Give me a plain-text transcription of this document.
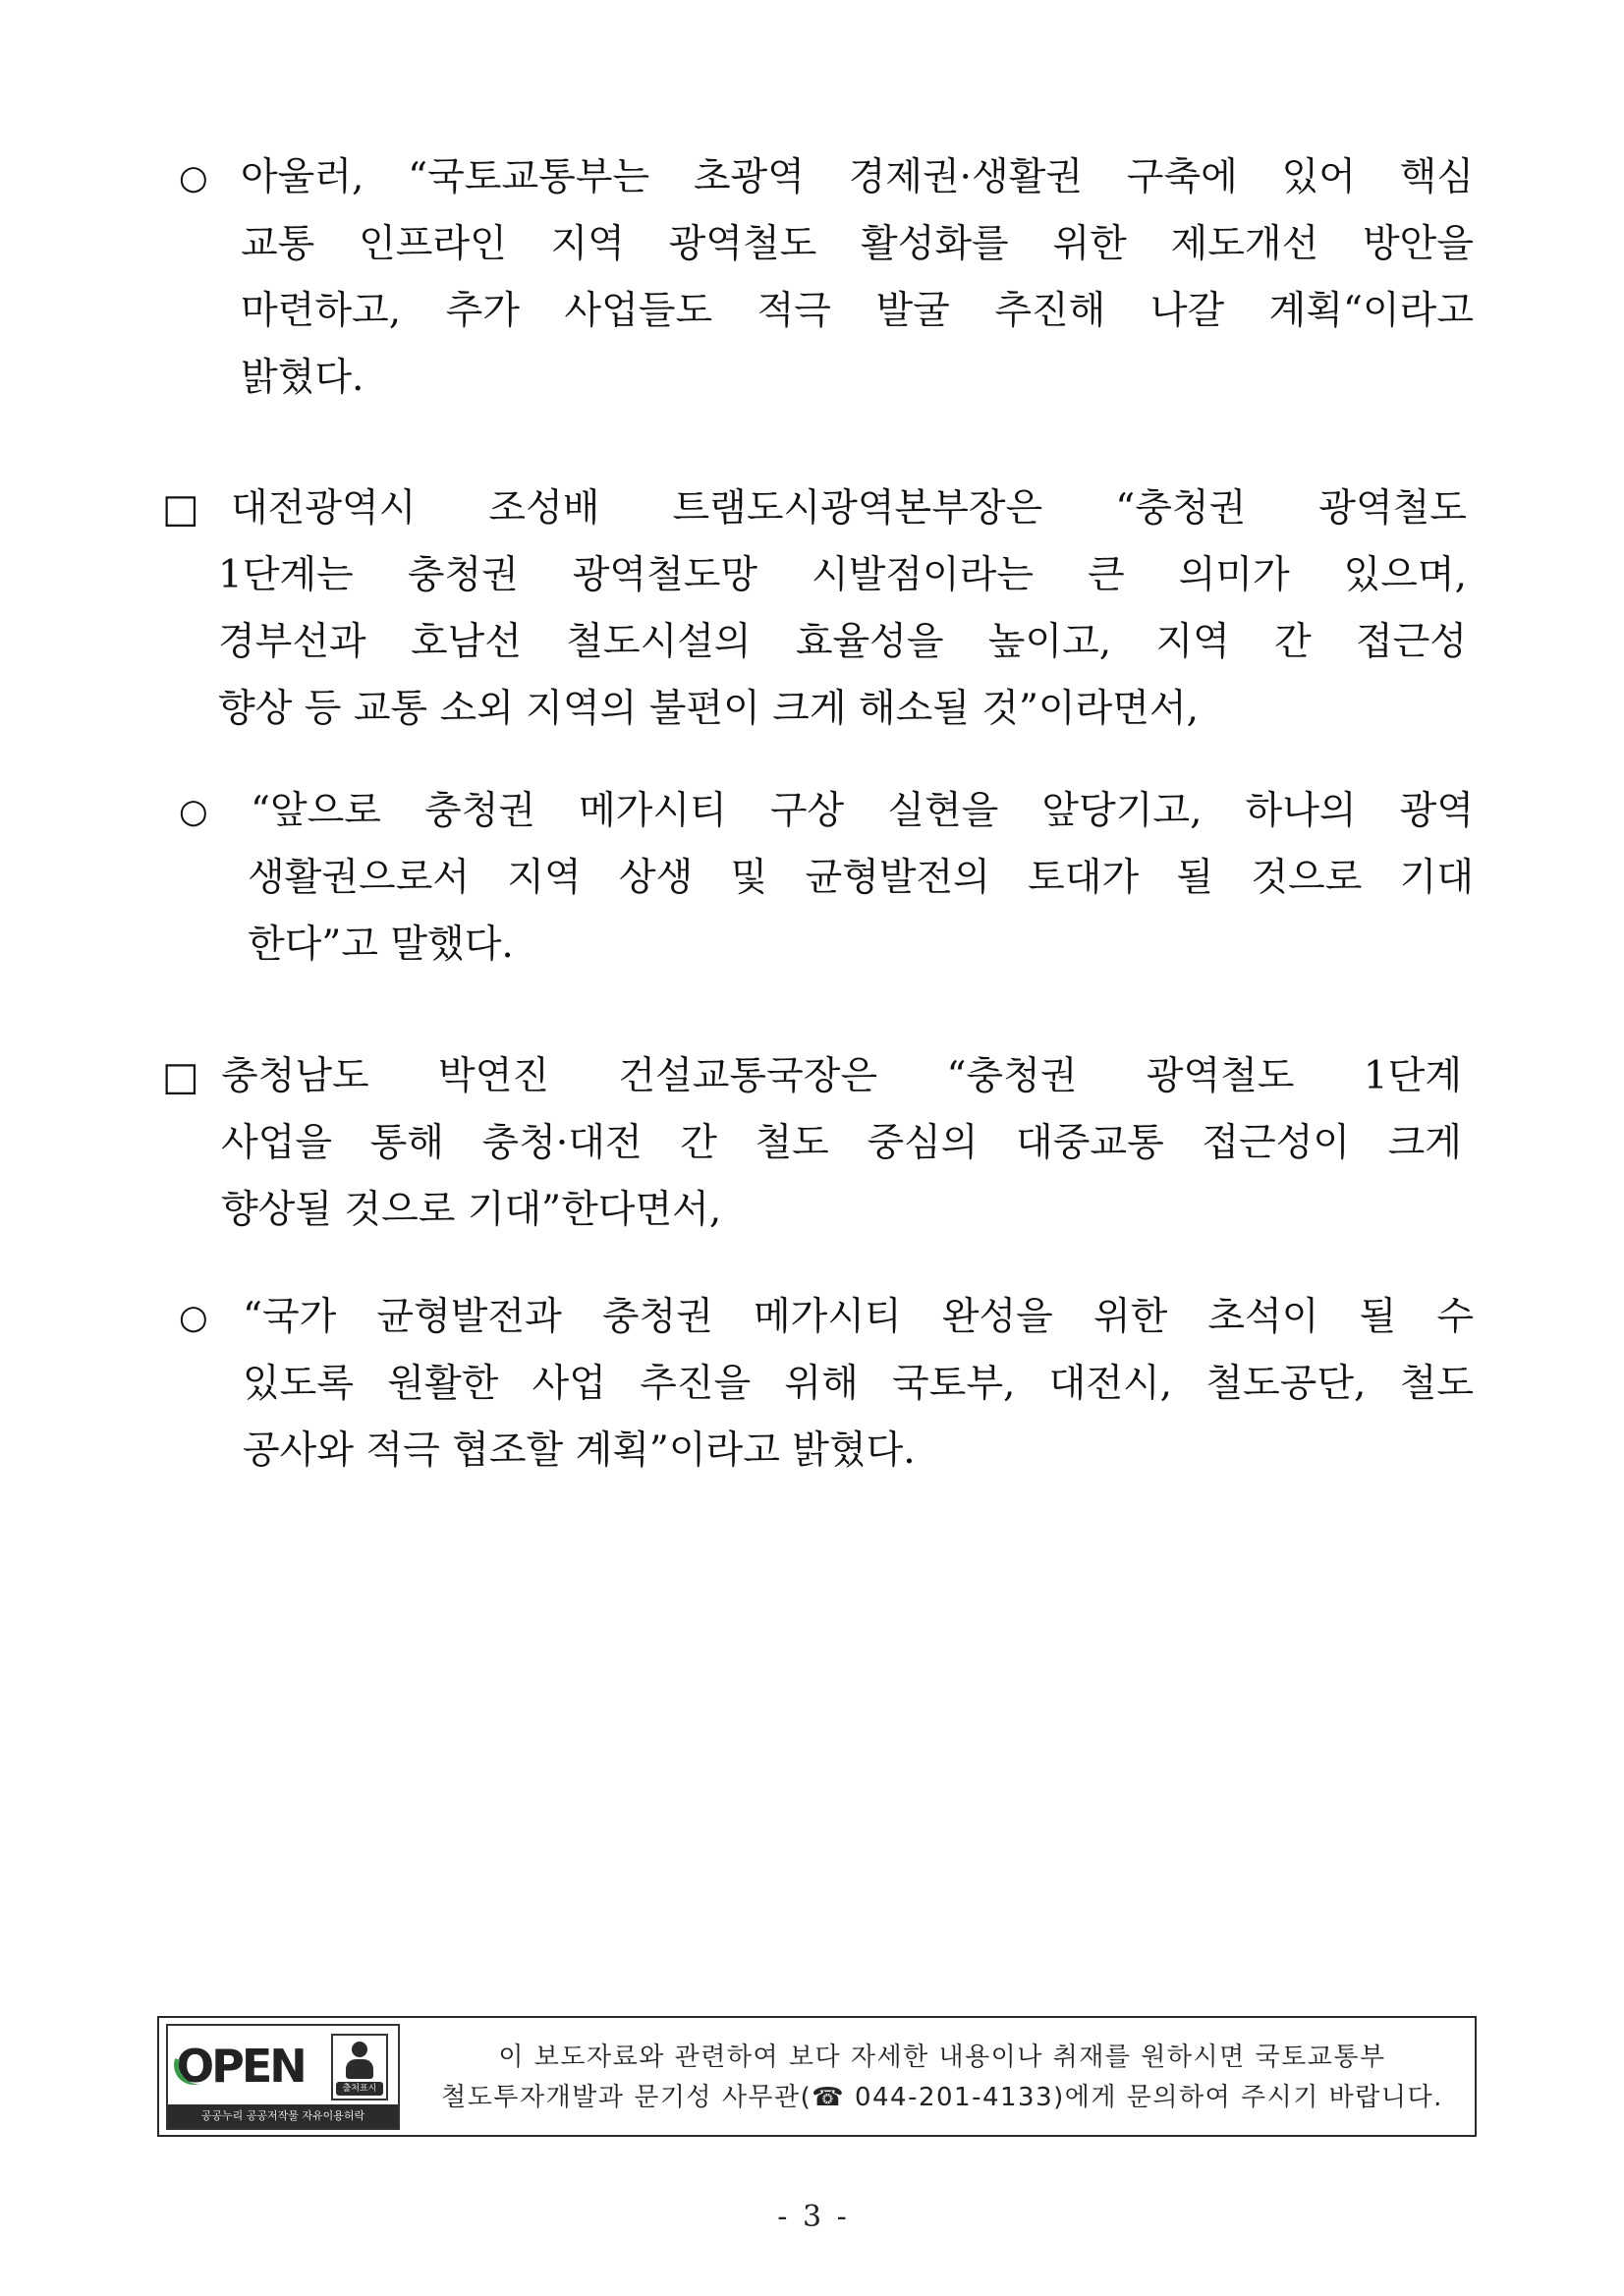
○ 아울러, “국토교통부는 초광역 경제권·생활권 구축에 있어 핵심
교통 인프라인 지역 광역철도 활성화를 위한 제도개선 방안을
마련하고, 추가 사업들도 적극 발굴 추진해 나갈 계획“이라고
밝혔다.
□ 대전광역시 조성배 트램도시광역본부장은 “충청권 광역철도
1단계는 충청권 광역철도망 시발점이라는 큰 의미가 있으며,
경부선과 호남선 철도시설의 효율성을 높이고, 지역 간 접근성
향상 등 교통 소외 지역의 불편이 크게 해소될 것”이라면서,
○ “앞으로 충청권 메가시티 구상 실현을 앞당기고, 하나의 광역
생활권으로서 지역 상생 및 균형발전의 토대가 될 것으로 기대
한다”고 말했다.
□ 충청남도 박연진 건설교통국장은 “충청권 광역철도 1단계
사업을 통해 충청·대전 간 철도 중심의 대중교통 접근성이 크게
향상될 것으로 기대”한다면서,
○ “국가 균형발전과 충청권 메가시티 완성을 위한 초석이 될 수
있도록 원활한 사업 추진을 위해 국토부, 대전시, 철도공단, 철도
공사와 적극 협조할 계획”이라고 밝혔다.
OPEN	출처표시
공공누리 공공저작물 자유이용허락
이 보도자료와 관련하여 보다 자세한 내용이나 취재를 원하시면 국토교통부
철도투자개발과 문기성 사무관(☎ 044-201-4133)에게 문의하여 주시기 바랍니다.
- 3 -
